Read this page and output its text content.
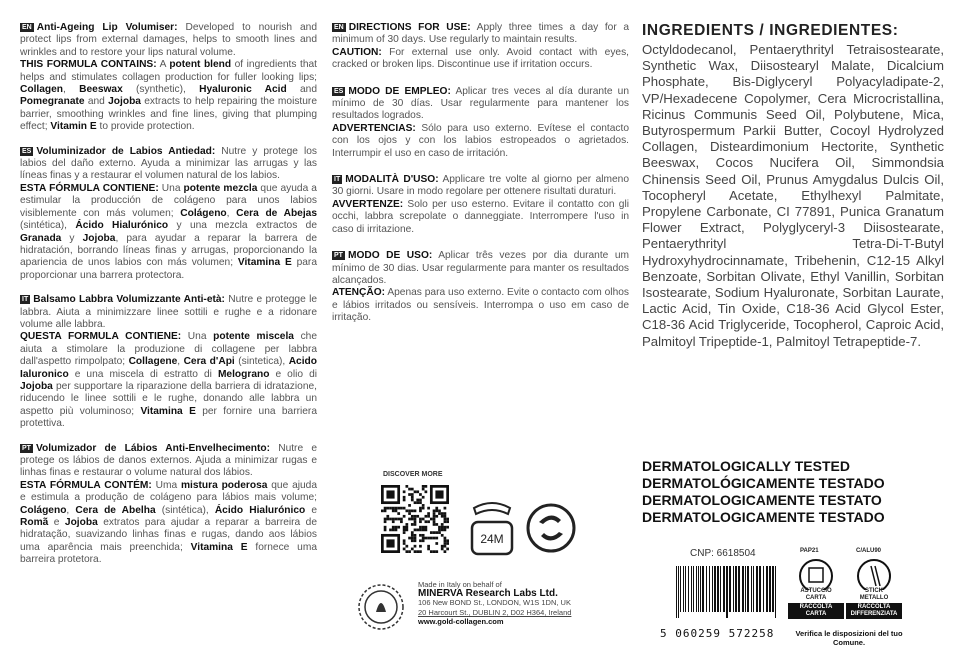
EN Anti-Ageing Lip Volumiser: Developed to nourish and protect lips from external damages, helps to smooth lines and wrinkles and to restore your lips natural volume.

THIS FORMULA CONTAINS: A potent blend of ingredients that helps and stimulates collagen production for fuller looking lips; Collagen, Beeswax (synthetic), Hyaluronic Acid and Pomegranate and Jojoba extracts to help repairing the moisture barrier, smoothing wrinkles and fine lines, giving that plumping effect; Vitamin E to provide protection.

ES Voluminizador de Labios Antiedad: Nutre y protege los labios del daño externo. Ayuda a minimizar las arrugas y las líneas finas y a restaurar el volumen natural de los labios.

ESTA FÓRMULA CONTIENE: Una potente mezcla que ayuda a estimular la producción de colágeno para unos labios visiblemente con más volumen; Colágeno, Cera de Abejas (sintética), Ácido Hialurónico y una mezcla extractos de Granada y Jojoba, para ayudar a reparar la barrera de hidratación, borrando líneas finas y arrugas, proporcionando la apariencia de unos labios con más volumen; Vitamina E para proporcionar una barrera protectora.

IT Balsamo Labbra Volumizzante Anti-età: Nutre e protegge le labbra. Aiuta a minimizzare linee sottili e rughe e a ridonare volume alle labbra.

QUESTA FORMULA CONTIENE: Una potente miscela che aiuta a stimolare la produzione di collagene per labbra dall'aspetto rimpolpato; Collagene, Cera d'Api (sintetica), Acido Ialuronico e una miscela di estratto di Melograno e olio di Jojoba per supportare la riparazione della barriera di idratazione, riducendo le linee sottili e le rughe, donando alle labbra un aspetto più voluminoso; Vitamina E per fornire una barriera protettiva.

PT Volumizador de Lábios Anti-Envelhecimento: Nutre e protege os lábios de danos externos. Ajuda a minimizar rugas e linhas finas e restaurar o volume natural dos lábios.

ESTA FÓRMULA CONTÉM: Uma mistura poderosa que ajuda e estimula a produção de colágeno para lábios mais volume; Colágeno, Cera de Abelha (sintética), Ácido Hialurónico e Romã e Jojoba extratos para ajudar a reparar a barreira de hidratação, suavizando linhas finas e rugas, dando aos lábios uma aparência mais preenchida; Vitamina E fornece uma barreira protetora.

EN DIRECTIONS FOR USE: Apply three times a day for a minimum of 30 days. Use regularly to maintain results.

CAUTION: For external use only. Avoid contact with eyes, cracked or broken lips. Discontinue use if irritation occurs.

ES MODO DE EMPLEO: Aplicar tres veces al día durante un mínimo de 30 días. Usar regularmente para mantener los resultados logrados.

ADVERTENCIAS: Sólo para uso externo. Evítese el contacto con los ojos y con los labios estropeados o agrietados. Interrumpir el uso en caso de irritación.

IT MODALITÀ D'USO: Applicare tre volte al giorno per almeno 30 giorni. Usare in modo regolare per ottenere risultati duraturi.

AVVERTENZE: Solo per uso esterno. Evitare il contatto con gli occhi, labbra screpolate o danneggiate. Interrompere l'uso in caso di irritazione.

PT MODO DE USO: Aplicar três vezes por dia durante um mínimo de 30 dias. Usar regularmente para manter os resultados alcançados.

ATENÇÃO: Apenas para uso externo. Evite o contacto com olhos e lábios irritados ou sensíveis. Interrompa o uso em caso de irritação.

DISCOVER MORE
24M
Made in Italy on behalf of
MINERVA Research Labs Ltd.
106 New BOND St., LONDON, W1S 1DN, UK
20 Harcourt St., DUBLIN 2, D02 H364, Ireland
www.gold-collagen.com

INGREDIENTS / INGREDIENTES:

Octyldodecanol, Pentaerythrityl Tetraisostearate, Synthetic Wax, Diisostearyl Malate, Dicalcium Phosphate, Bis-Diglyceryl Polyacyladipate-2, VP/Hexadecene Copolymer, Cera Microcristallina, Ricinus Communis Seed Oil, Polybutene, Mica, Butyrospermum Parkii Butter, Cocoyl Hydrolyzed Collagen, Disteardimonium Hectorite, Synthetic Beeswax, Cocos Nucifera Oil, Simmondsia Chinensis Seed Oil, Prunus Amygdalus Dulcis Oil, Tocopheryl Acetate, Ethylhexyl Palmitate, Propylene Carbonate, CI 77891, Punica Granatum Flower Extract, Polyglyceryl-3 Diisostearate, Pentaerythrityl Tetra-Di-T-Butyl Hydroxyhydrocinnamate, Tribehenin, C12-15 Alkyl Benzoate, Sorbitan Olivate, Ethyl Vanillin, Sorbitan Isostearate, Sodium Hyaluronate, Sorbitan Laurate, Lactic Acid, Tin Oxide, C18-36 Acid Glycol Ester, C18-36 Acid Triglyceride, Tocopherol, Caproic Acid, Palmitoyl Tripeptide-1, Palmitoyl Tetrapeptide-7.

DERMATOLOGICALLY TESTED
DERMATOLÓGICAMENTE TESTADO
DERMATOLOGICAMENTE TESTATO
DERMATOLOGICAMENTE TESTADO
CNP: 6618504
5 060259 572258
PAP21	C/ALU90
ASTUCCIO
CARTA
STICK
METALLO
RACCOLTA
CARTA
RACCOLTA
DIFFERENZIATA
Verifica le disposizioni del tuo Comune.
